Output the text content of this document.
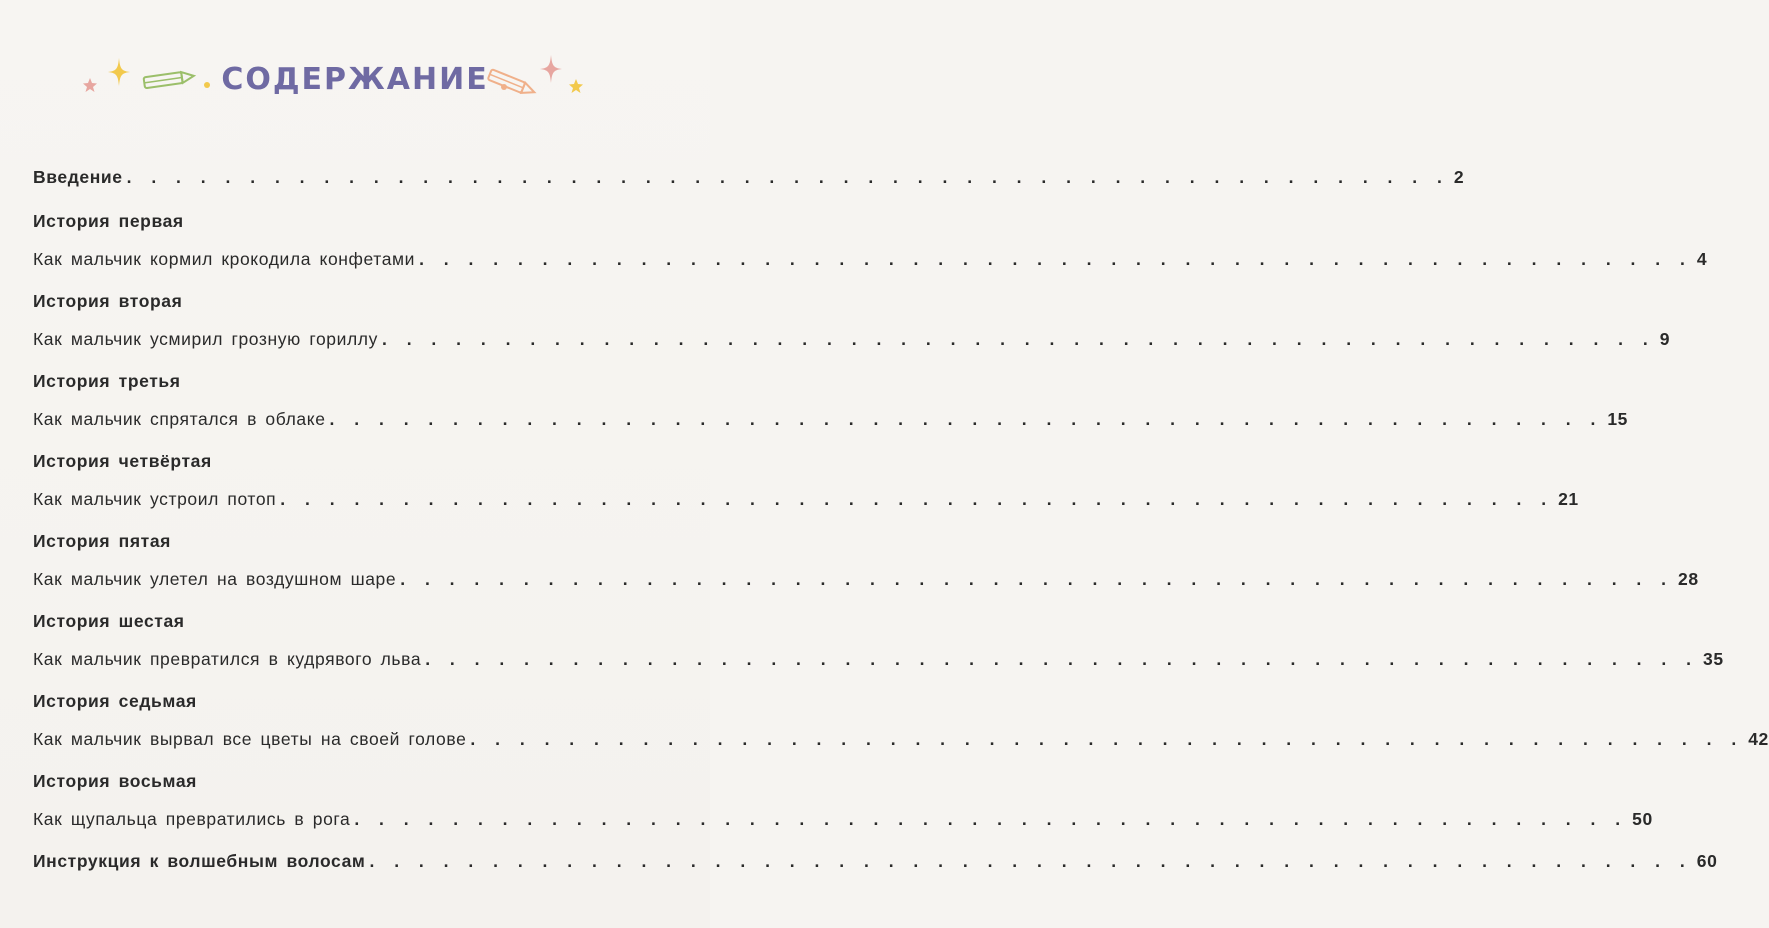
СОДЕРЖАНИЕ
Введение . . . . . . . . . . . . . . . . . . . . . . . . . . . . . . . . . . . . . . . . . . . . . . . . . . . . . . 2
История первая
Как мальчик кормил крокодила конфетами . . . . . . . . . . . . . . . . . . . . . . . . . . . . . . . . . . . . . . . . . . . . . . . . . . . . 4
История вторая
Как мальчик усмирил грозную гориллу . . . . . . . . . . . . . . . . . . . . . . . . . . . . . . . . . . . . . . . . . . . . . . . . . . . . 9
История третья
Как мальчик спрятался в облаке . . . . . . . . . . . . . . . . . . . . . . . . . . . . . . . . . . . . . . . . . . . . . . . . . . . . 15
История четвёртая
Как мальчик устроил потоп . . . . . . . . . . . . . . . . . . . . . . . . . . . . . . . . . . . . . . . . . . . . . . . . . . . . 21
История пятая
Как мальчик улетел на воздушном шаре . . . . . . . . . . . . . . . . . . . . . . . . . . . . . . . . . . . . . . . . . . . . . . . . . . . . 28
История шестая
Как мальчик превратился в кудрявого льва . . . . . . . . . . . . . . . . . . . . . . . . . . . . . . . . . . . . . . . . . . . . . . . . . . . . 35
История седьмая
Как мальчик вырвал все цветы на своей голове . . . . . . . . . . . . . . . . . . . . . . . . . . . . . . . . . . . . . . . . . . . . . . . . . . . . 42
История восьмая
Как щупальца превратились в рога . . . . . . . . . . . . . . . . . . . . . . . . . . . . . . . . . . . . . . . . . . . . . . . . . . . . 50
Инструкция к волшебным волосам . . . . . . . . . . . . . . . . . . . . . . . . . . . . . . . . . . . . . . . . . . . . . . . . . . . . . . 60
